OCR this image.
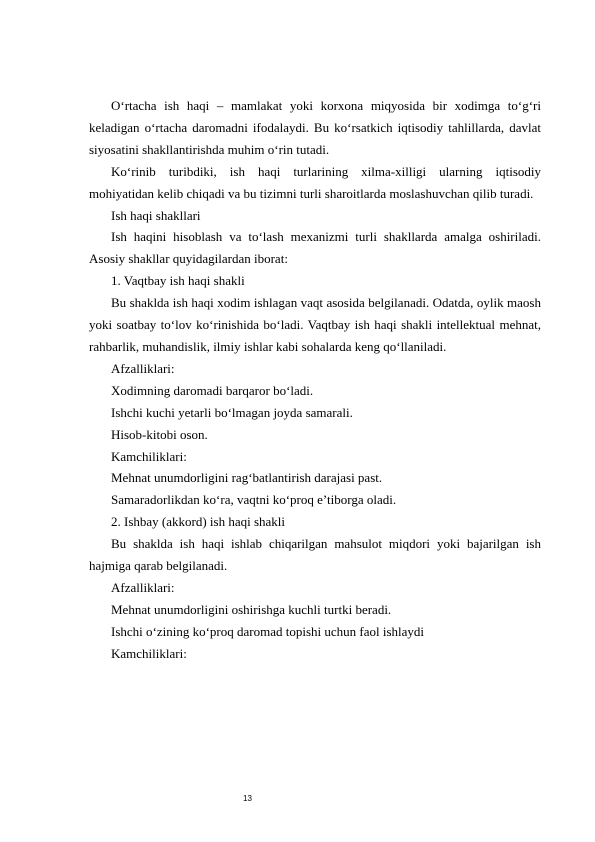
O‘rtacha ish haqi – mamlakat yoki korxona miqyosida bir xodimga to‘g‘ri keladigan o‘rtacha daromadni ifodalaydi. Bu ko‘rsatkich iqtisodiy tahlillarda, davlat siyosatini shakllantirishda muhim o‘rin tutadi.

Ko‘rinib turibdiki, ish haqi turlarining xilma-xilligi ularning iqtisodiy mohiyatidan kelib chiqadi va bu tizimni turli sharoitlarda moslashuvchan qilib turadi.

Ish haqi shakllari

Ish haqini hisoblash va to‘lash mexanizmi turli shakllarda amalga oshiriladi. Asosiy shakllar quyidagilardan iborat:

1. Vaqtbay ish haqi shakli

Bu shaklda ish haqi xodim ishlagan vaqt asosida belgilanadi. Odatda, oylik maosh yoki soatbay to‘lov ko‘rinishida bo‘ladi. Vaqtbay ish haqi shakli intellektual mehnat, rahbarlik, muhandislik, ilmiy ishlar kabi sohalarda keng qo‘llaniladi.

Afzalliklari:

Xodimning daromadi barqaror bo‘ladi.

Ishchi kuchi yetarli bo‘lmagan joyda samarali.

Hisob-kitobi oson.

Kamchiliklari:

Mehnat unumdorligini rag‘batlantirish darajasi past.

Samaradorlikdan ko‘ra, vaqtni ko‘proq e’tiborga oladi.

2. Ishbay (akkord) ish haqi shakli

Bu shaklda ish haqi ishlab chiqarilgan mahsulot miqdori yoki bajarilgan ish hajmiga qarab belgilanadi.

Afzalliklari:

Mehnat unumdorligini oshirishga kuchli turtki beradi.

Ishchi o‘zining ko‘proq daromad topishi uchun faol ishlaydi

Kamchiliklari:

13
